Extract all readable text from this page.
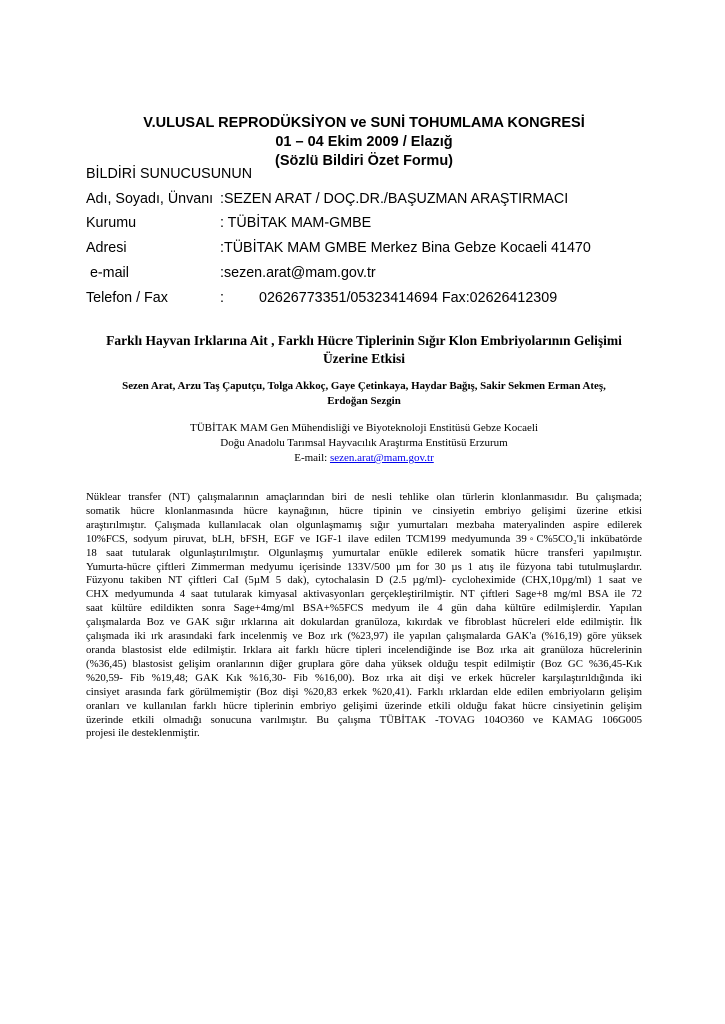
V.ULUSAL REPRODÜKSİYON ve SUNİ TOHUMLAMA KONGRESİ
01 – 04 Ekim 2009 / Elazığ
(Sözlü Bildiri Özet Formu)
BİLDİRİ SUNUCUSUNUN
Adı, Soyadı, Ünvanı :SEZEN ARAT / DOÇ.DR./BAŞUZMAN ARAŞTIRMACI
Kurumu	: TÜBİTAK MAM-GMBE
Adresi	:TÜBİTAK MAM GMBE Merkez Bina Gebze Kocaeli 41470
e-mail	:sezen.arat@mam.gov.tr
Telefon / Fax	: 02626773351/05323414694 Fax:02626412309
Farklı Hayvan Irklarına Ait , Farklı Hücre Tiplerinin Sığır Klon Embriyolarının Gelişimi
Üzerine Etkisi
Sezen Arat, Arzu Taş Çaputçu, Tolga Akkoç, Gaye Çetinkaya, Haydar Bağış, Sakir Sekmen Erman Ateş,
Erdoğan Sezgin
TÜBİTAK MAM Gen Mühendisliği ve Biyoteknoloji Enstitüsü Gebze Kocaeli
Doğu Anadolu Tarımsal Hayvacılık Araştırma Enstitüsü Erzurum
E-mail: sezen.arat@mam.gov.tr
Nüklear transfer (NT) çalışmalarının amaçlarından biri de nesli tehlike olan türlerin klonlanmasıdır. Bu çalışmada;
somatik hücre klonlanmasında hücre kaynağının, hücre tipinin ve cinsiyetin embriyo gelişimi üzerine etkisi
araştırılmıştır. Çalışmada kullanılacak olan olgunlaşmamış sığır yumurtaları mezbaha materyalinden aspire edilerek
10%FCS, sodyum piruvat, bLH, bFSH, EGF ve IGF-1 ilave edilen TCM199 medyumunda 39◦C%5CO₂'li inkübatörde
18 saat tutularak olgunlaştırılmıştır. Olgunlaşmış yumurtalar enükle edilerek somatik hücre transferi yapılmıştır.
Yumurta-hücre çiftleri Zimmerman medyumu içerisinde 133V/500 µm for 30 µs 1 atış ile füzyona tabi tutulmuşlardır.
Füzyonu takiben NT çiftleri CaI (5µM 5 dak), cytochalasin D (2.5 µg/ml)- cycloheximide (CHX,10µg/ml) 1 saat ve
CHX medyumunda 4 saat tutularak kimyasal aktivasyonları gerçekleştirilmiştir. NT çiftleri Sage+8 mg/ml BSA ile 72
saat kültüre edildikten sonra Sage+4mg/ml BSA+%5FCS medyum ile 4 gün daha kültüre edilmişlerdir. Yapılan
çalışmalarda Boz ve GAK sığır ırklarına ait dokulardan granüloza, kıkırdak ve fibroblast hücreleri elde edilmiştir. İlk
çalışmada iki ırk arasındaki fark incelenmiş ve Boz ırk (%23,97) ile yapılan çalışmalarda GAK'a (%16,19) göre yüksek
oranda blastosist elde edilmiştir. Irklara ait farklı hücre tipleri incelendiğinde ise Boz ırka ait granüloza hücrelerinin
(%36,45) blastosist gelişim oranlarının diğer gruplara göre daha yüksek olduğu tespit edilmiştir (Boz GC %36,45-Kık
%20,59- Fib %19,48; GAK Kık %16,30- Fib %16,00). Boz ırka ait dişi ve erkek hücreler karşılaştırıldığında iki
cinsiyet arasında fark görülmemiştir (Boz dişi %20,83 erkek %20,41). Farklı ırklardan elde edilen embriyoların gelişim
oranları ve kullanılan farklı hücre tiplerinin embriyo gelişimi üzerinde etkili olduğu fakat hücre cinsiyetinin gelişim
üzerinde etkili olmadığı sonucuna varılmıştır. Bu çalışma TÜBİTAK -TOVAG 104O360 ve KAMAG 106G005
projesi ile desteklenmiştir.
